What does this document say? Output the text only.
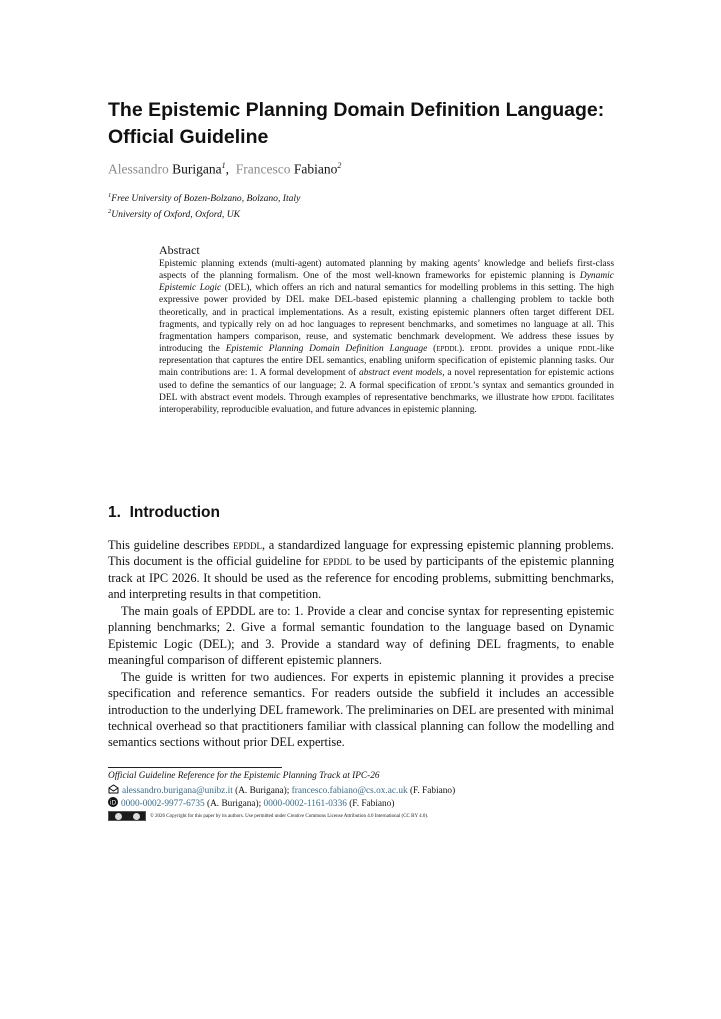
The Epistemic Planning Domain Definition Language:
Official Guideline
Alessandro Burigana$^1$,  Francesco Fabiano$^2$
$^1$Free University of Bozen-Bolzano, Bolzano, Italy
$^2$University of Oxford, Oxford, UK
Abstract

Epistemic planning extends (multi-agent) automated planning by making agents’ knowledge and beliefs first-class aspects of the planning formalism. One of the most well-known frameworks for epistemic planning is Dynamic Epistemic Logic (DEL), which offers an rich and natural semantics for modelling problems in this setting. The high expressive power provided by DEL make DEL-based epistemic planning a challenging problem to tackle both theoretically, and in practical implementations. As a result, existing epistemic planners often target different DEL fragments, and typically rely on ad hoc languages to represent benchmarks, and sometimes no language at all. This fragmentation hampers comparison, reuse, and systematic benchmark development. We address these issues by introducing the Epistemic Planning Domain Definition Language (epddl). epddl provides a unique pddl-like representation that captures the entire DEL semantics, enabling uniform specification of epistemic planning tasks. Our main contributions are: 1. A formal development of abstract event models, a novel representation for epistemic actions used to define the semantics of our language; 2. A formal specification of epddl’s syntax and semantics grounded in DEL with abstract event models. Through examples of representative benchmarks, we illustrate how epddl facilitates interoperability, reproducible evaluation, and future advances in epistemic planning.

1. Introduction

This guideline describes epddl, a standardized language for expressing epistemic planning problems. This document is the official guideline for epddl to be used by participants of the epistemic planning track at IPC 2026. It should be used as the reference for encoding problems, submitting benchmarks, and interpreting results in that competition.

The main goals of EPDDL are to: 1. Provide a clear and concise syntax for representing epistemic planning benchmarks; 2. Give a formal semantic foundation to the language based on Dynamic Epistemic Logic (DEL); and 3. Provide a standard way of defining DEL fragments, to enable meaningful comparison of different epistemic planners.

The guide is written for two audiences. For experts in epistemic planning it provides a precise specification and reference semantics. For readers outside the subfield it includes an accessible introduction to the underlying DEL framework. The preliminaries on DEL are presented with minimal technical overhead so that practitioners familiar with classical planning can follow the modelling and semantics sections without prior DEL expertise.

Official Guideline Reference for the Epistemic Planning Track at IPC-26
alessandro.burigana@unibz.it (A. Burigana); francesco.fabiano@cs.ox.ac.uk (F. Fabiano)
iD 0000-0002-9977-6735 (A. Burigana); 0000-0002-1161-0336 (F. Fabiano)
© 2026 Copyright for this paper by its authors. Use permitted under Creative Commons License Attribution 4.0 International (CC BY 4.0).
